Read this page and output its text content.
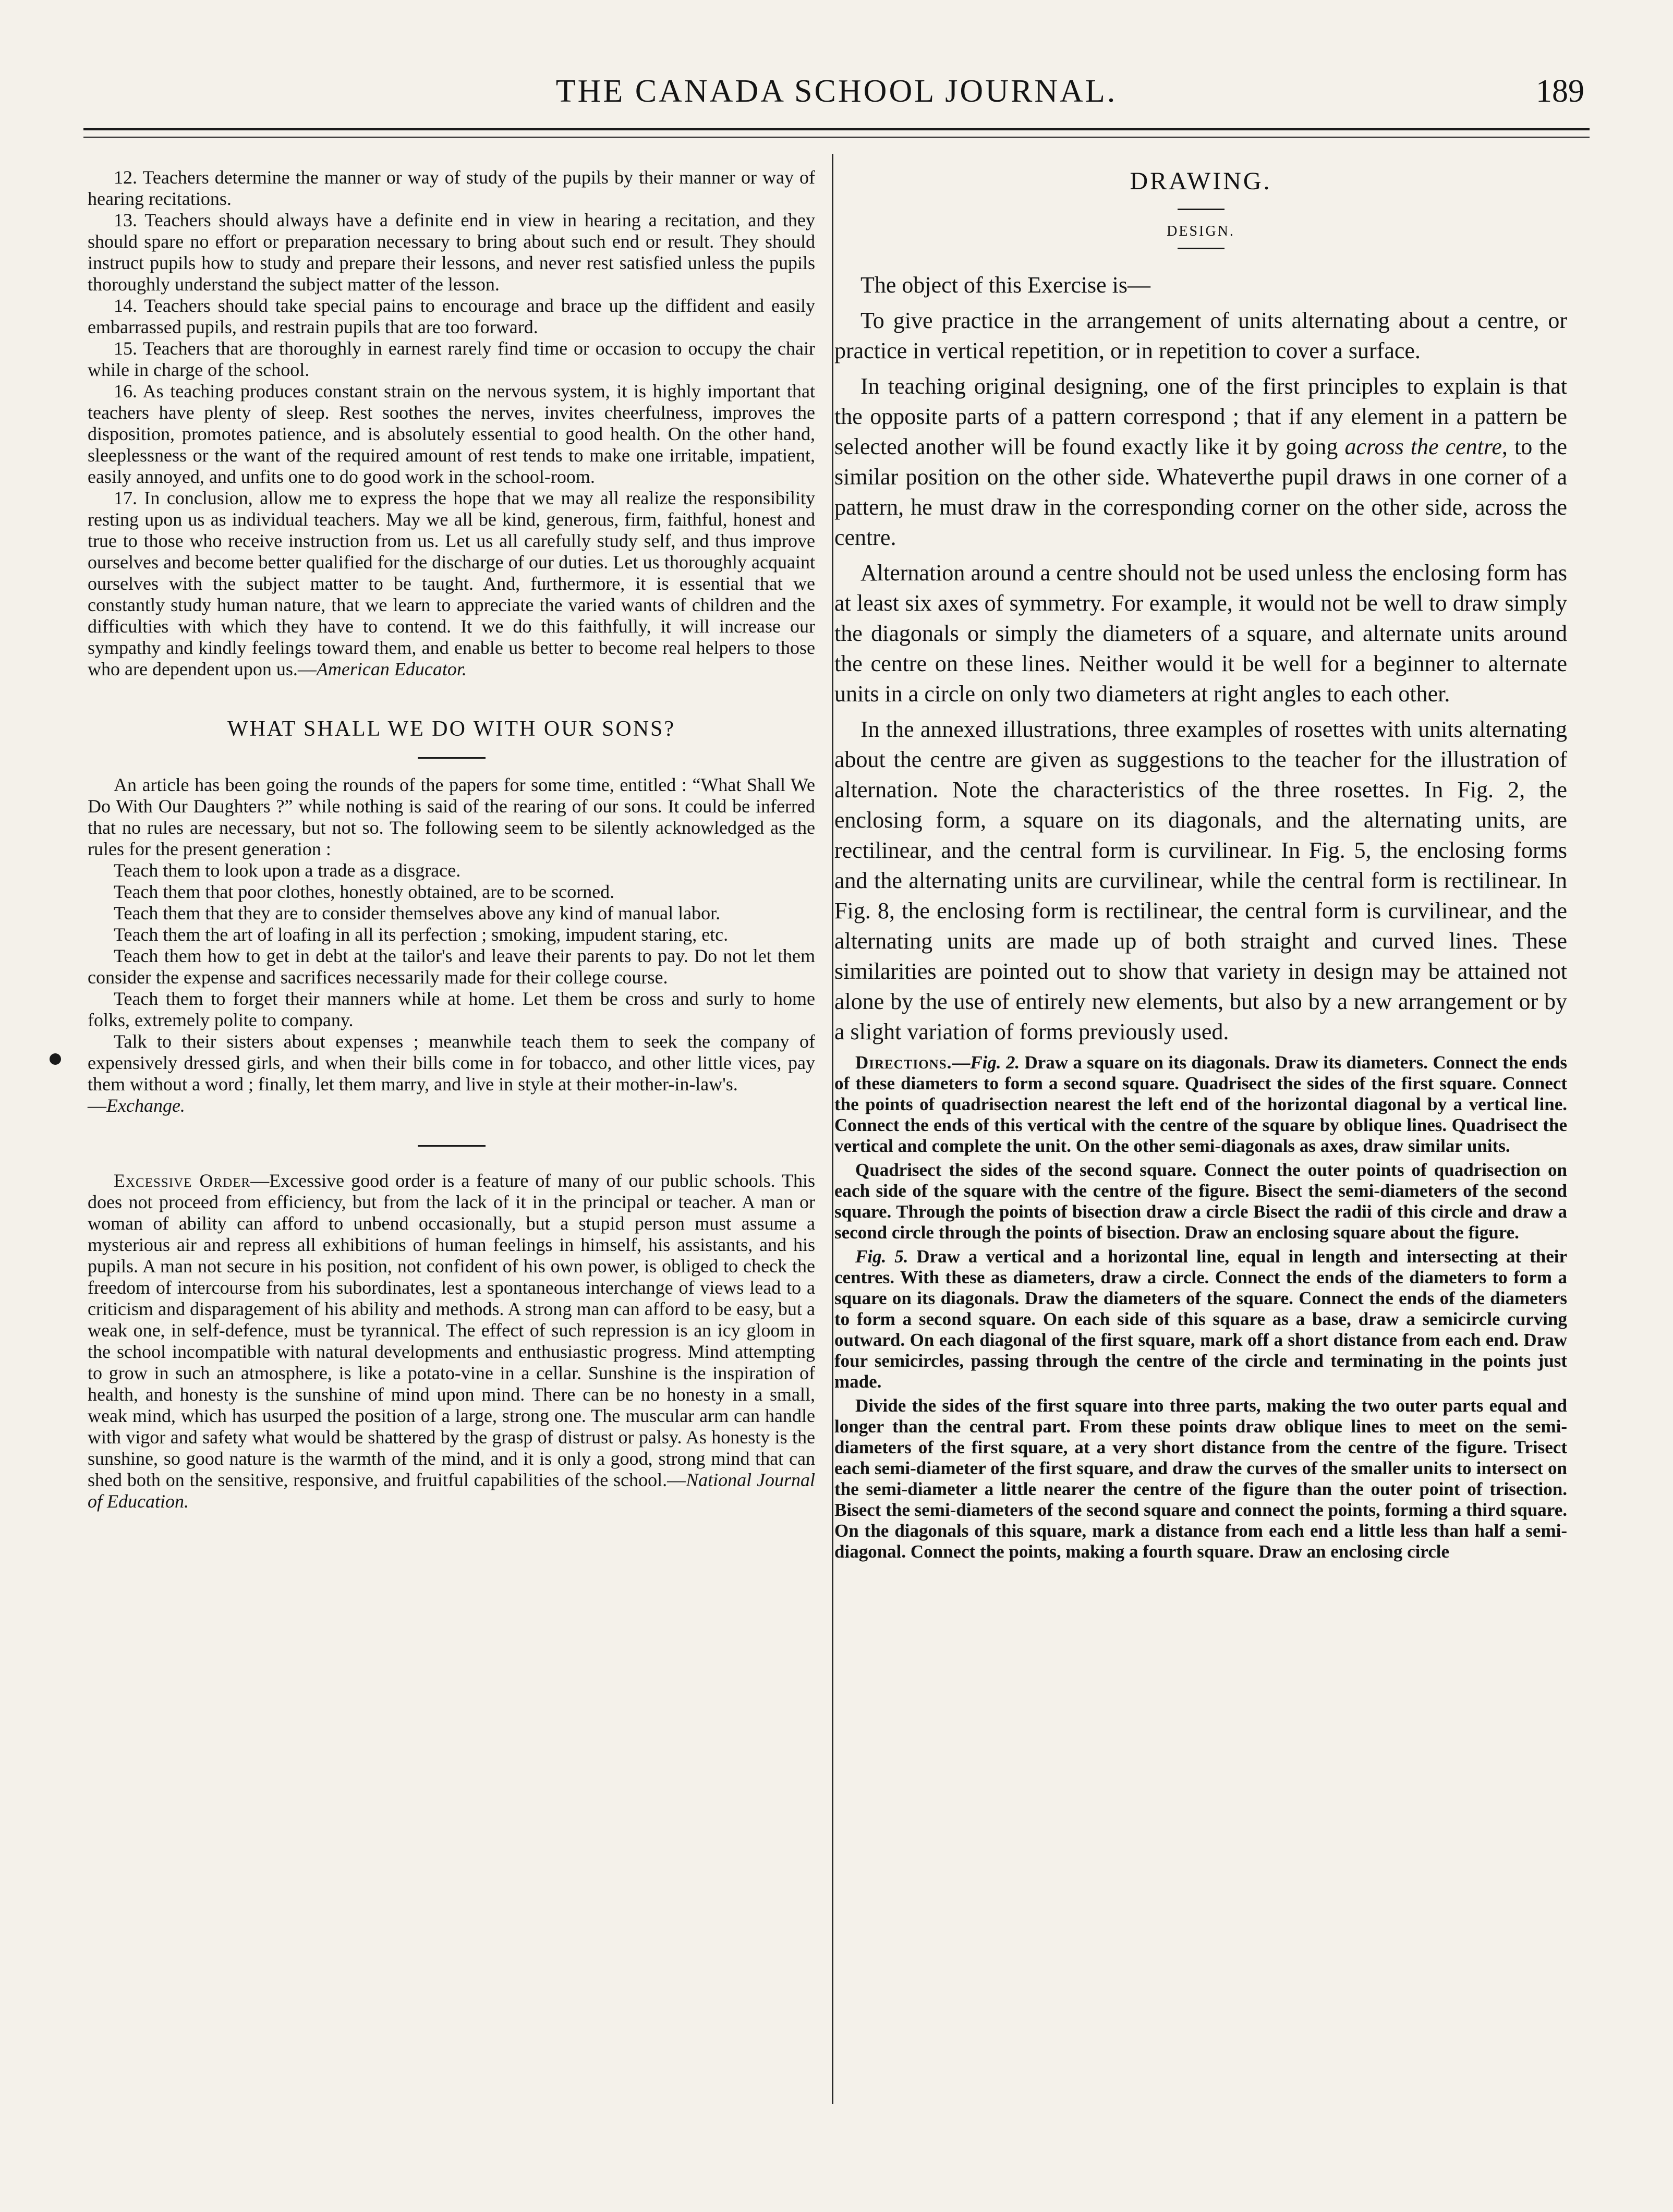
THE CANADA SCHOOL JOURNAL.	189

12. Teachers determine the manner or way of study of the pupils by their manner or way of hearing recitations.

13. Teachers should always have a definite end in view in hearing a recitation, and they should spare no effort or preparation necessary to bring about such end or result. They should instruct pupils how to study and prepare their lessons, and never rest satisfied unless the pupils thoroughly understand the subject matter of the lesson.

14. Teachers should take special pains to encourage and brace up the diffident and easily embarrassed pupils, and restrain pupils that are too forward.

15. Teachers that are thoroughly in earnest rarely find time or occasion to occupy the chair while in charge of the school.

16. As teaching produces constant strain on the nervous system, it is highly important that teachers have plenty of sleep. Rest soothes the nerves, invites cheerfulness, improves the disposition, promotes patience, and is absolutely essential to good health. On the other hand, sleeplessness or the want of the required amount of rest tends to make one irritable, impatient, easily annoyed, and unfits one to do good work in the school-room.

17. In conclusion, allow me to express the hope that we may all realize the responsibility resting upon us as individual teachers. May we all be kind, generous, firm, faithful, honest and true to those who receive instruction from us. Let us all carefully study self, and thus improve ourselves and become better qualified for the discharge of our duties. Let us thoroughly acquaint ourselves with the subject matter to be taught. And, furthermore, it is essential that we constantly study human nature, that we learn to appreciate the varied wants of children and the difficulties with which they have to contend. It we do this faithfully, it will increase our sympathy and kindly feelings toward them, and enable us better to become real helpers to those who are dependent upon us.—American Educator.

WHAT SHALL WE DO WITH OUR SONS?

An article has been going the rounds of the papers for some time, entitled : “What Shall We Do With Our Daughters ?” while nothing is said of the rearing of our sons. It could be inferred that no rules are necessary, but not so. The following seem to be silently acknowledged as the rules for the present generation :

Teach them to look upon a trade as a disgrace.

Teach them that poor clothes, honestly obtained, are to be scorned.

Teach them that they are to consider themselves above any kind of manual labor.

Teach them the art of loafing in all its perfection ; smoking, impudent staring, etc.

Teach them how to get in debt at the tailor's and leave their parents to pay. Do not let them consider the expense and sacrifices necessarily made for their college course.

Teach them to forget their manners while at home. Let them be cross and surly to home folks, extremely polite to company.

Talk to their sisters about expenses ; meanwhile teach them to seek the company of expensively dressed girls, and when their bills come in for tobacco, and other little vices, pay them without a word ; finally, let them marry, and live in style at their mother-in-law's.

—Exchange.

Excessive Order—Excessive good order is a feature of many of our public schools. This does not proceed from efficiency, but from the lack of it in the principal or teacher. A man or woman of ability can afford to unbend occasionally, but a stupid person must assume a mysterious air and repress all exhibitions of human feelings in himself, his assistants, and his pupils. A man not secure in his position, not confident of his own power, is obliged to check the freedom of intercourse from his subordinates, lest a spontaneous interchange of views lead to a criticism and disparagement of his ability and methods. A strong man can afford to be easy, but a weak one, in self-defence, must be tyrannical. The effect of such repression is an icy gloom in the school incompatible with natural developments and enthusiastic progress. Mind attempting to grow in such an atmosphere, is like a potato-vine in a cellar. Sunshine is the inspiration of health, and honesty is the sunshine of mind upon mind. There can be no honesty in a small, weak mind, which has usurped the position of a large, strong one. The muscular arm can handle with vigor and safety what would be shattered by the grasp of distrust or palsy. As honesty is the sunshine, so good nature is the warmth of the mind, and it is only a good, strong mind that can shed both on the sensitive, responsive, and fruitful capabilities of the school.—National Journal of Education.

DRAWING.
DESIGN.

The object of this Exercise is—

To give practice in the arrangement of units alternating about a centre, or practice in vertical repetition, or in repetition to cover a surface.

In teaching original designing, one of the first principles to explain is that the opposite parts of a pattern correspond ; that if any element in a pattern be selected another will be found exactly like it by going across the centre, to the similar position on the other side. Whateverthe pupil draws in one corner of a pattern, he must draw in the corresponding corner on the other side, across the centre.

Alternation around a centre should not be used unless the enclosing form has at least six axes of symmetry. For example, it would not be well to draw simply the diagonals or simply the diameters of a square, and alternate units around the centre on these lines. Neither would it be well for a beginner to alternate units in a circle on only two diameters at right angles to each other.

In the annexed illustrations, three examples of rosettes with units alternating about the centre are given as suggestions to the teacher for the illustration of alternation. Note the characteristics of the three rosettes. In Fig. 2, the enclosing form, a square on its diagonals, and the alternating units, are rectilinear, and the central form is curvilinear. In Fig. 5, the enclosing forms and the alternating units are curvilinear, while the central form is rectilinear. In Fig. 8, the enclosing form is rectilinear, the central form is curvilinear, and the alternating units are made up of both straight and curved lines. These similarities are pointed out to show that variety in design may be attained not alone by the use of entirely new elements, but also by a new arrangement or by a slight variation of forms previously used.

Directions.—Fig. 2. Draw a square on its diagonals. Draw its diameters. Connect the ends of these diameters to form a second square. Quadrisect the sides of the first square. Connect the points of quadrisection nearest the left end of the horizontal diagonal by a vertical line. Connect the ends of this vertical with the centre of the square by oblique lines. Quadrisect the vertical and complete the unit. On the other semi-diagonals as axes, draw similar units.

Quadrisect the sides of the second square. Connect the outer points of quadrisection on each side of the square with the centre of the figure. Bisect the semi-diameters of the second square. Through the points of bisection draw a circle Bisect the radii of this circle and draw a second circle through the points of bisection. Draw an enclosing square about the figure.

Fig. 5. Draw a vertical and a horizontal line, equal in length and intersecting at their centres. With these as diameters, draw a circle. Connect the ends of the diameters to form a square on its diagonals. Draw the diameters of the square. Connect the ends of the diameters to form a second square. On each side of this square as a base, draw a semicircle curving outward. On each diagonal of the first square, mark off a short distance from each end. Draw four semicircles, passing through the centre of the circle and terminating in the points just made.

Divide the sides of the first square into three parts, making the two outer parts equal and longer than the central part. From these points draw oblique lines to meet on the semi-diameters of the first square, at a very short distance from the centre of the figure. Trisect each semi-diameter of the first square, and draw the curves of the smaller units to intersect on the semi-diameter a little nearer the centre of the figure than the outer point of trisection. Bisect the semi-diameters of the second square and connect the points, forming a third square. On the diagonals of this square, mark a distance from each end a little less than half a semi-diagonal. Connect the points, making a fourth square. Draw an enclosing circle
